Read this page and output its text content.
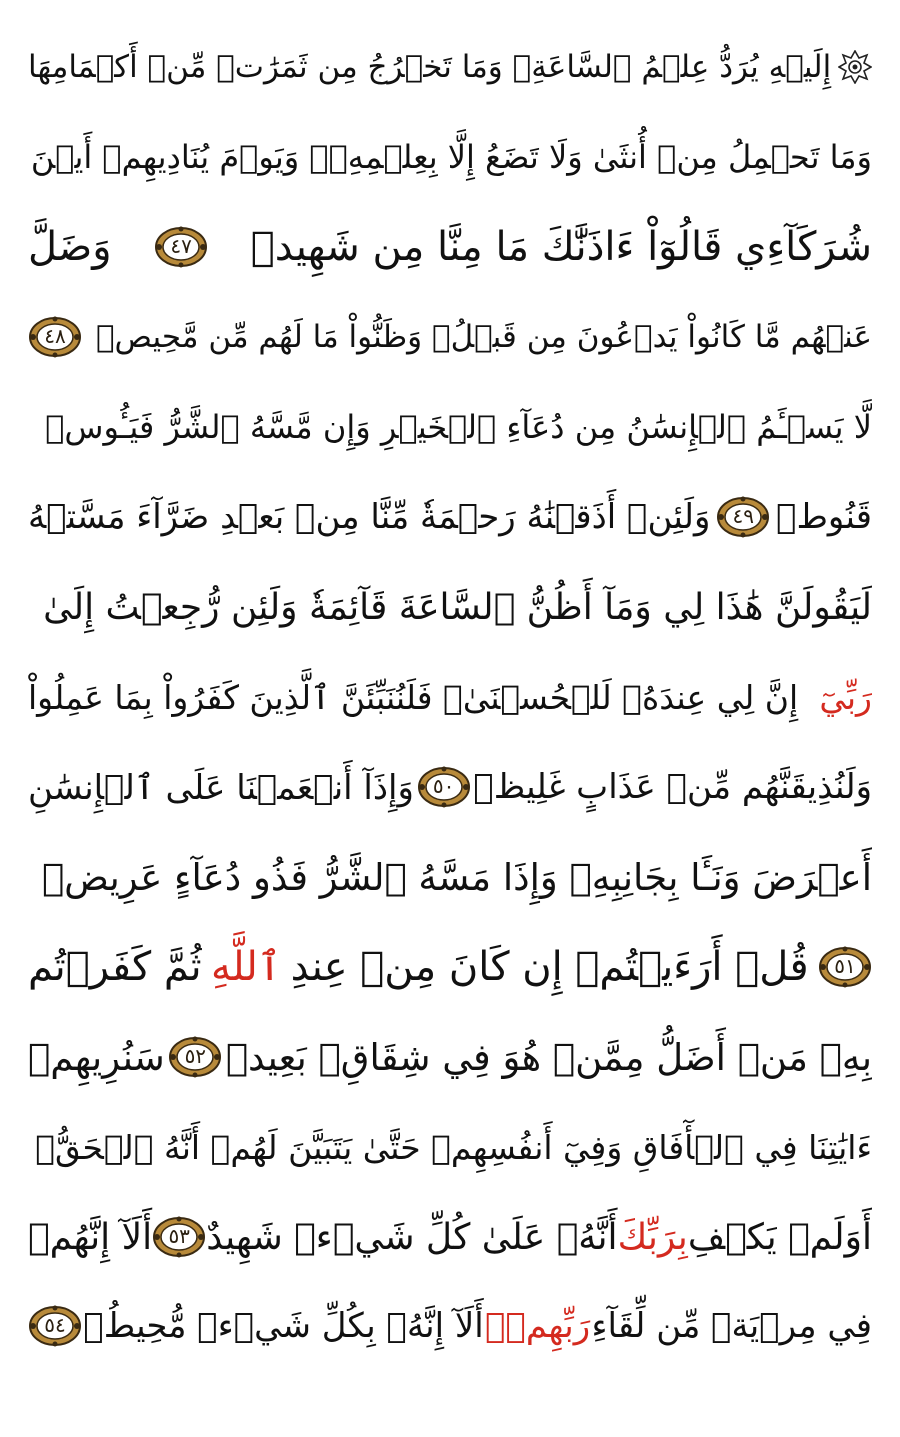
إِلَيۡهِ يُرَدُّ عِلۡمُ ٱلسَّاعَةِۚ وَمَا تَخۡرُجُ مِن ثَمَرَٰتٖ مِّنۡ أَكۡمَامِهَا
وَمَا تَحۡمِلُ مِنۡ أُنثَىٰ وَلَا تَضَعُ إِلَّا بِعِلۡمِهِۦۚ وَيَوۡمَ يُنَادِيهِمۡ أَيۡنَ
شُرَكَآءِي قَالُوٓاْ ءَاذَنَّٰكَ مَا مِنَّا مِن شَهِيدٖ
٤٧
وَضَلَّ
عَنۡهُم مَّا كَانُواْ يَدۡعُونَ مِن قَبۡلُۖ وَظَنُّواْ مَا لَهُم مِّن مَّحِيصٖ
٤٨
لَّا يَسۡـَٔمُ ٱلۡإِنسَٰنُ مِن دُعَآءِ ٱلۡخَيۡرِ وَإِن مَّسَّهُ ٱلشَّرُّ فَيَـُٔوسٞ
قَنُوطٞ
٤٩
وَلَئِنۡ أَذَقۡنَٰهُ رَحۡمَةٗ مِّنَّا مِنۢ بَعۡدِ ضَرَّآءَ مَسَّتۡهُ
لَيَقُولَنَّ هَٰذَا لِي وَمَآ أَظُنُّ ٱلسَّاعَةَ قَآئِمَةٗ وَلَئِن رُّجِعۡتُ إِلَىٰ
رَبِّيٓ
إِنَّ لِي عِندَهُۥ لَلۡحُسۡنَىٰۚ فَلَنُنَبِّئَنَّ ٱلَّذِينَ كَفَرُواْ بِمَا عَمِلُواْ
وَلَنُذِيقَنَّهُم مِّنۡ عَذَابٍ غَلِيظٖ
٥٠
وَإِذَآ أَنۡعَمۡنَا عَلَى ٱلۡإِنسَٰنِ
أَعۡرَضَ وَنَـَٔا بِجَانِبِهِۦ وَإِذَا مَسَّهُ ٱلشَّرُّ فَذُو دُعَآءٍ عَرِيضٖ
٥١
قُلۡ أَرَءَيۡتُمۡ إِن كَانَ مِنۡ عِندِ
ٱللَّهِ
ثُمَّ كَفَرۡتُم
بِهِۦ مَنۡ أَضَلُّ مِمَّنۡ هُوَ فِي شِقَاقِۭ بَعِيدٖ
٥٢
سَنُرِيهِمۡ
ءَايَٰتِنَا فِي ٱلۡأٓفَاقِ وَفِيٓ أَنفُسِهِمۡ حَتَّىٰ يَتَبَيَّنَ لَهُمۡ أَنَّهُ ٱلۡحَقُّۗ
أَوَلَمۡ يَكۡفِ
بِرَبِّكَ
أَنَّهُۥ عَلَىٰ كُلِّ شَيۡءٖ شَهِيدٌ
٥٣
أَلَآ إِنَّهُمۡ
فِي مِرۡيَةٖ مِّن لِّقَآءِ
رَبِّهِمۡۗ
أَلَآ إِنَّهُۥ بِكُلِّ شَيۡءٖ مُّحِيطُۢ
٥٤
